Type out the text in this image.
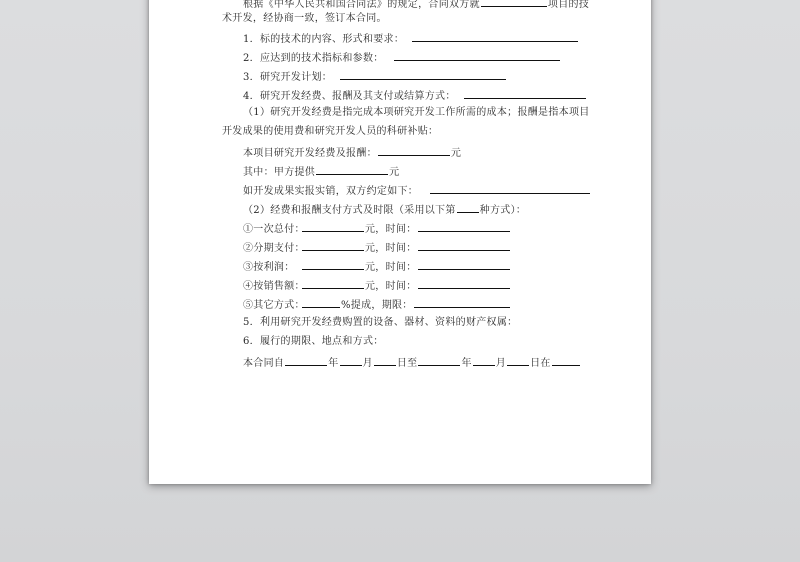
根据《中华人民共和国合同法》的规定，合同双方就	项目的技
术开发，经协商一致，签订本合同。
1．标的技术的内容、形式和要求：
2．应达到的技术指标和参数：
3．研究开发计划：
4．研究开发经费、报酬及其支付或结算方式：
（1）研究开发经费是指完成本项研究开发工作所需的成本；报酬是指本项目
开发成果的使用费和研究开发人员的科研补贴：
本项目研究开发经费及报酬：	元
其中：甲方提供	元
如开发成果实报实销，双方约定如下：
（2）经费和报酬支付方式及时限（采用以下第 种方式）：
①一次总付：	元，时间：
②分期支付：	元，时间：
③按利润：	元，时间：
④按销售额：	元，时间：
⑤其它方式：	%提成，期限：
5．利用研究开发经费购置的设备、器材、资料的财产权属：
6．履行的期限、地点和方式：
本合同自	年 月 日至	年 月 日在
